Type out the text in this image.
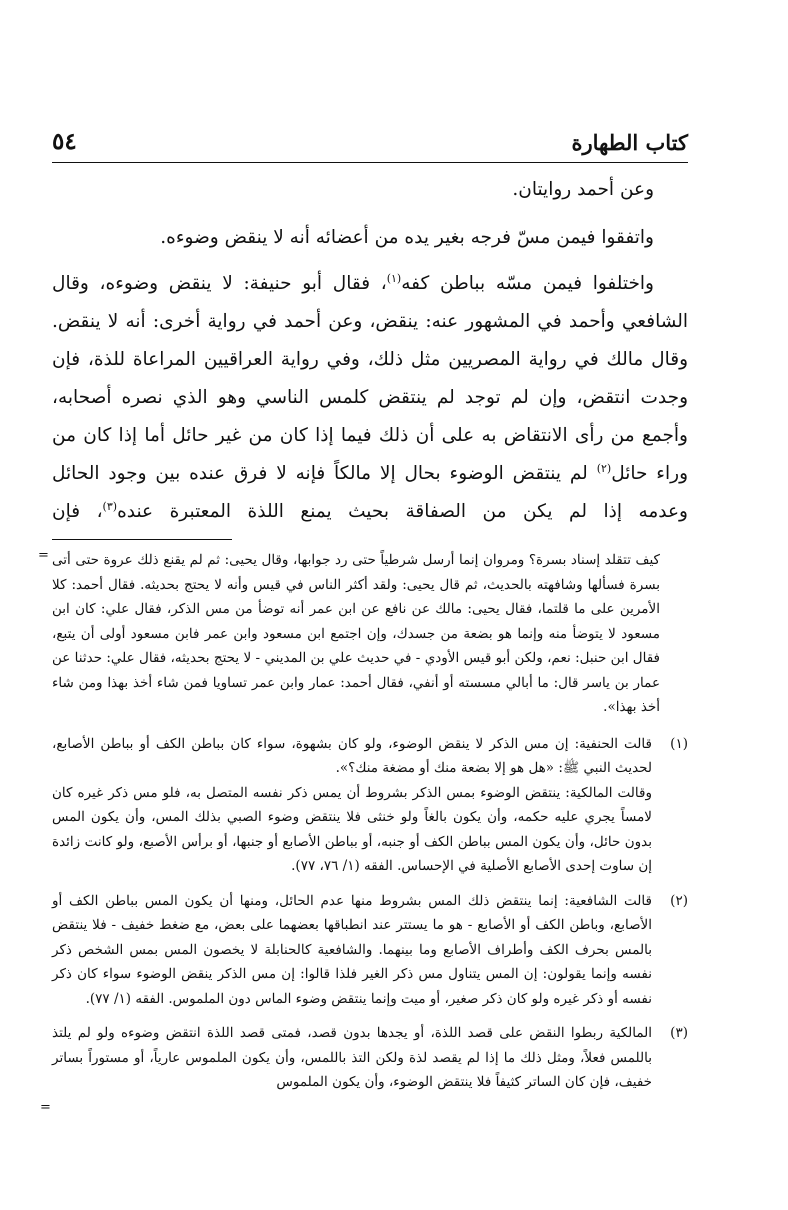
كتاب الطهارة
٥٤

وعن أحمد روايتان.

واتفقوا فيمن مسّ فرجه بغير يده من أعضائه أنه لا ينقض وضوءه.

واختلفوا فيمن مسّه بباطن كفه$^{(١)}$، فقال أبو حنيفة: لا ينقض وضوءه، وقال الشافعي وأحمد في المشهور عنه: ينقض، وعن أحمد في رواية أخرى: أنه لا ينقض. وقال مالك في رواية المصريين مثل ذلك، وفي رواية العراقيين المراعاة للذة، فإن وجدت انتقض، وإن لم توجد لم ينتقض كلمس الناسي وهو الذي نصره أصحابه، وأجمع من رأى الانتقاض به على أن ذلك فيما إذا كان من غير حائل أما إذا كان من وراء حائل$^{(٢)}$ لم ينتقض الوضوء بحال إلا مالكاً فإنه لا فرق عنده بين وجود الحائل وعدمه إذا لم يكن من الصفاقة بحيث يمنع اللذة المعتبرة عنده$^{(٣)}$، فإن

= كيف تتقلد إسناد بسرة؟ ومروان إنما أرسل شرطياً حتى رد جوابها، وقال يحيى: ثم لم يقنع ذلك عروة حتى أتى بسرة فسألها وشافهته بالحديث، ثم قال يحيى: ولقد أكثر الناس في قيس وأنه لا يحتج بحديثه. فقال أحمد: كلا الأمرين على ما قلتما، فقال يحيى: مالك عن نافع عن ابن عمر أنه توضأ من مس الذكر، فقال علي: كان ابن مسعود لا يتوضأ منه وإنما هو بضعة من جسدك، وإن اجتمع ابن مسعود وابن عمر فابن مسعود أولى أن يتبع، فقال ابن حنبل: نعم، ولكن أبو قيس الأودي - في حديث علي بن المديني - لا يحتج بحديثه، فقال علي: حدثنا عن عمار بن ياسر قال: ما أبالي مسسته أو أنفي، فقال أحمد: عمار وابن عمر تساويا فمن شاء أخذ بهذا ومن شاء أخذ بهذا».

(١)

قالت الحنفية: إن مس الذكر لا ينقض الوضوء، ولو كان بشهوة، سواء كان بباطن الكف أو بباطن الأصابع، لحديث النبي ﷺ: «هل هو إلا بضعة منك أو مضغة منك؟».

وقالت المالكية: ينتقض الوضوء بمس الذكر بشروط أن يمس ذكر نفسه المتصل به، فلو مس ذكر غيره كان لامساً يجري عليه حكمه، وأن يكون بالغاً ولو خنثى فلا ينتقض وضوء الصبي بذلك المس، وأن يكون المس بدون حائل، وأن يكون المس بباطن الكف أو جنبه، أو بباطن الأصابع أو جنبها، أو برأس الأصبع، ولو كانت زائدة إن ساوت إحدى الأصابع الأصلية في الإحساس. الفقه (١/ ٧٦، ٧٧).

(٢)

قالت الشافعية: إنما ينتقض ذلك المس بشروط منها عدم الحائل، ومنها أن يكون المس بباطن الكف أو الأصابع، وباطن الكف أو الأصابع - هو ما يستتر عند انطباقها بعضهما على بعض، مع ضغط خفيف - فلا ينتقض بالمس بحرف الكف وأطراف الأصابع وما بينهما. والشافعية كالحنابلة لا يخصون المس بمس الشخص ذكر نفسه وإنما يقولون: إن المس يتناول مس ذكر الغير فلذا قالوا: إن مس الذكر ينقض الوضوء سواء كان ذكر نفسه أو ذكر غيره ولو كان ذكر صغير، أو ميت وإنما ينتقض وضوء الماس دون الملموس. الفقه (١/ ٧٧).

(٣)

المالكية ربطوا النقض على قصد اللذة، أو يجدها بدون قصد، فمتى قصد اللذة انتقض وضوءه ولو لم يلتذ باللمس فعلاً، ومثل ذلك ما إذا لم يقصد لذة ولكن التذ باللمس، وأن يكون الملموس عارياً، أو مستوراً بساتر خفيف، فإن كان الساتر كثيفاً فلا ينتقض الوضوء، وأن يكون الملموس

=
